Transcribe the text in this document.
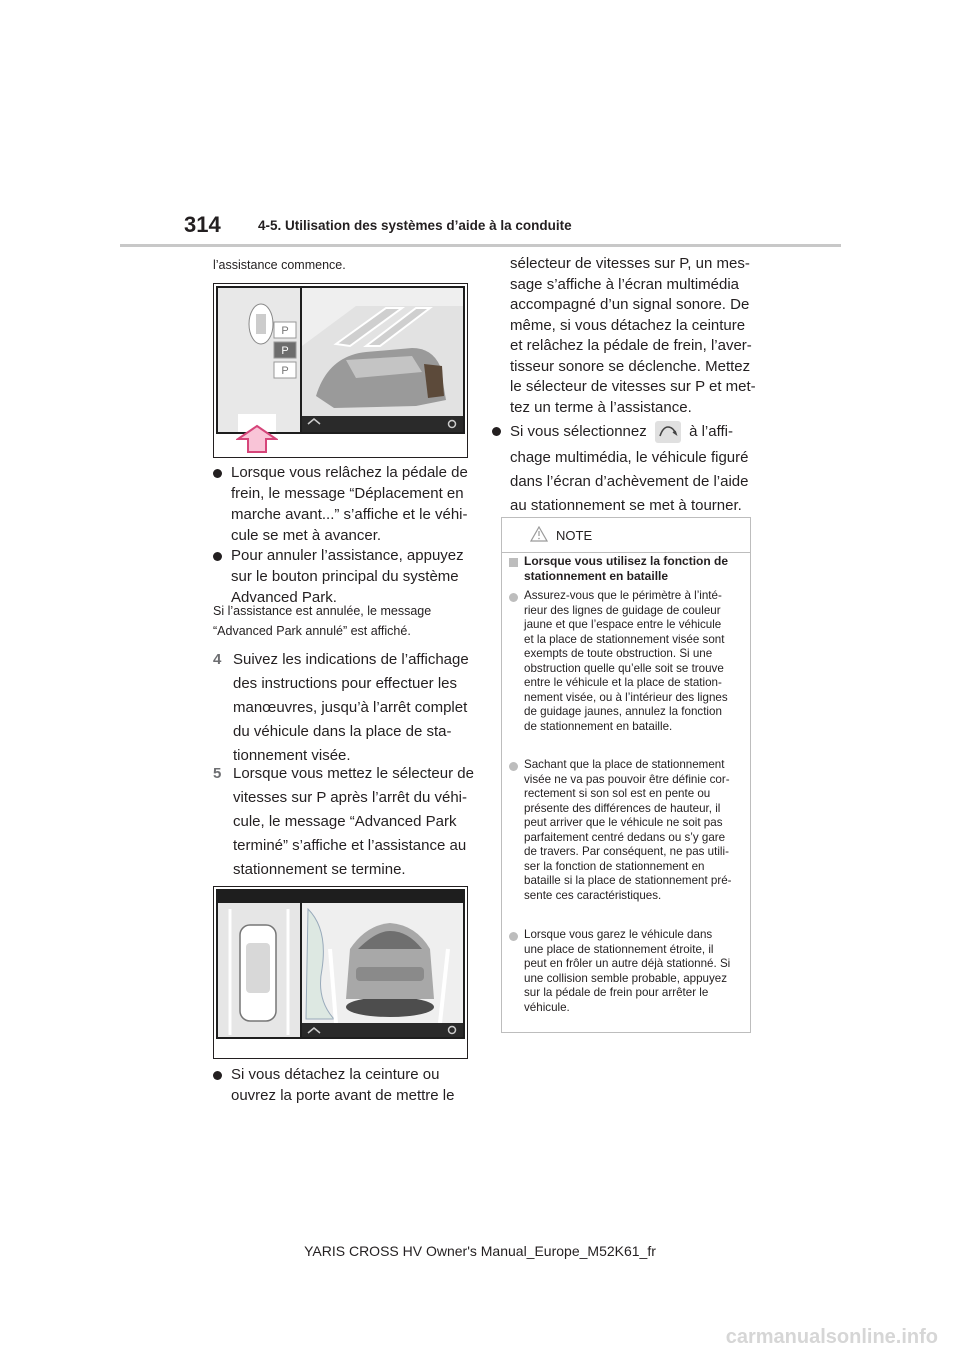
314	4-5. Utilisation des systèmes d’aide à la conduite
l’assistance commence.
P
P
P
Lorsque vous relâchez la pédale de
frein, le message “Déplacement en
marche avant...” s’affiche et le véhi-
cule se met à avancer.
Pour annuler l’assistance, appuyez
sur le bouton principal du système
Advanced Park.
Si l’assistance est annulée, le message
“Advanced Park annulé” est affiché.
4 Suivez les indications de l’affichage
des instructions pour effectuer les
manœuvres, jusqu’à l’arrêt complet
du véhicule dans la place de sta-
tionnement visée.
5 Lorsque vous mettez le sélecteur de
vitesses sur P après l’arrêt du véhi-
cule, le message “Advanced Park
terminé” s’affiche et l’assistance au
stationnement se termine.
Si vous détachez la ceinture ou
ouvrez la porte avant de mettre le
sélecteur de vitesses sur P, un mes-
sage s’affiche à l’écran multimédia
accompagné d’un signal sonore. De
même, si vous détachez la ceinture
et relâchez la pédale de frein, l’aver-
tisseur sonore se déclenche. Mettez
le sélecteur de vitesses sur P et met-
tez un terme à l’assistance.
Si vous sélectionnez	à l’affi-
chage multimédia, le véhicule figuré
dans l’écran d’achèvement de l’aide
au stationnement se met à tourner.
NOTE
Lorsque vous utilisez la fonction de
stationnement en bataille
Assurez-vous que le périmètre à l’inté-
rieur des lignes de guidage de couleur
jaune et que l’espace entre le véhicule
et la place de stationnement visée sont
exempts de toute obstruction. Si une
obstruction quelle qu’elle soit se trouve
entre le véhicule et la place de station-
nement visée, ou à l’intérieur des lignes
de guidage jaunes, annulez la fonction
de stationnement en bataille.
Sachant que la place de stationnement
visée ne va pas pouvoir être définie cor-
rectement si son sol est en pente ou
présente des différences de hauteur, il
peut arriver que le véhicule ne soit pas
parfaitement centré dedans ou s’y gare
de travers. Par conséquent, ne pas utili-
ser la fonction de stationnement en
bataille si la place de stationnement pré-
sente ces caractéristiques.
Lorsque vous garez le véhicule dans
une place de stationnement étroite, il
peut en frôler un autre déjà stationné. Si
une collision semble probable, appuyez
sur la pédale de frein pour arrêter le
véhicule.
YARIS CROSS HV Owner's Manual_Europe_M52K61_fr
carmanualsonline.info
